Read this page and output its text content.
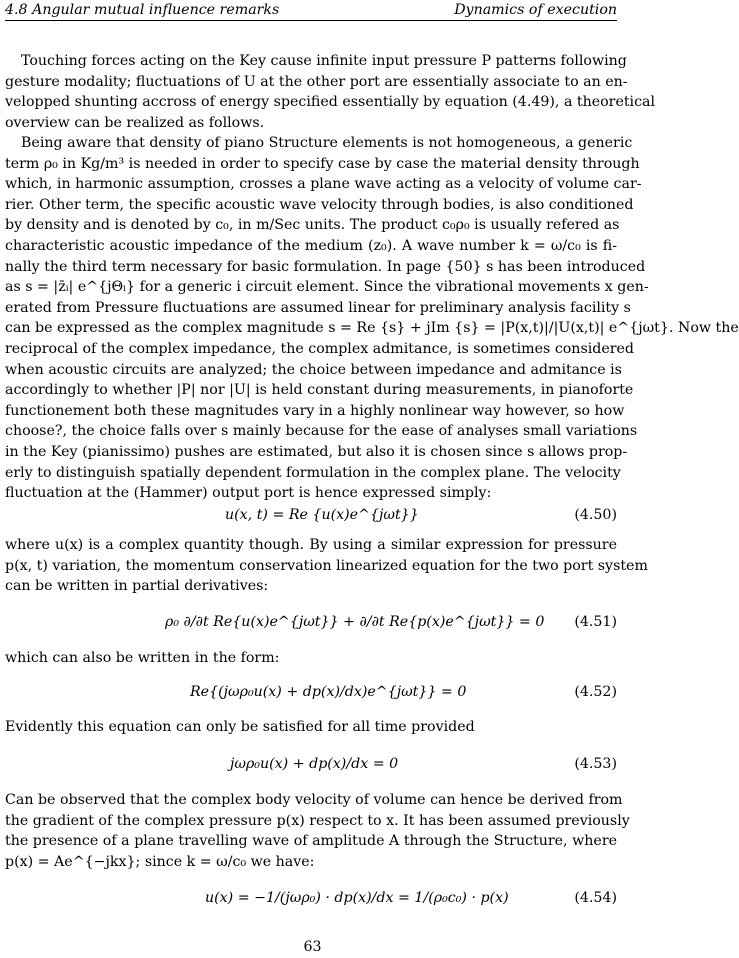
4.8 Angular mutual influence remarks	Dynamics of execution
Touching forces acting on the Key cause infinite input pressure P patterns following
gesture modality; fluctuations of U at the other port are essentially associate to an en-
velopped shunting accross of energy specified essentially by equation (4.49), a theoretical
overview can be realized as follows.
Being aware that density of piano Structure elements is not homogeneous, a generic
term ρ₀ in Kg/m³ is needed in order to specify case by case the material density through
which, in harmonic assumption, crosses a plane wave acting as a velocity of volume car-
rier. Other term, the specific acoustic wave velocity through bodies, is also conditioned
by density and is denoted by c₀, in m/Sec units. The product c₀ρ₀ is usually refered as
characteristic acoustic impedance of the medium (z₀). A wave number k = ω/c₀ is fi-
nally the third term necessary for basic formulation. In page {50} s has been introduced
as s = |z̄ᵢ| e^{jΘᵢ} for a generic i circuit element. Since the vibrational movements x gen-
erated from Pressure fluctuations are assumed linear for preliminary analysis facility s
can be expressed as the complex magnitude s = Re {s} + jIm {s} = |P(x,t)|/|U(x,t)| e^{jωt}. Now the
reciprocal of the complex impedance, the complex admitance, is sometimes considered
when acoustic circuits are analyzed; the choice between impedance and admitance is
accordingly to whether |P| nor |U| is held constant during measurements, in pianoforte
functionement both these magnitudes vary in a highly nonlinear way however, so how
choose?, the choice falls over s mainly because for the ease of analyses small variations
in the Key (pianissimo) pushes are estimated, but also it is chosen since s allows prop-
erly to distinguish spatially dependent formulation in the complex plane. The velocity
fluctuation at the (Hammer) output port is hence expressed simply:
u(x, t) = Re {u(x)e^{jωt}}	(4.50)
where u(x) is a complex quantity though. By using a similar expression for pressure
p(x, t) variation, the momentum conservation linearized equation for the two port system
can be written in partial derivatives:
ρ₀ ∂/∂t Re{u(x)e^{jωt}} + ∂/∂t Re{p(x)e^{jωt}} = 0 (4.51)
which can also be written in the form:
Re{(jωρ₀u(x) + dp(x)/dx)e^{jωt}} = 0	(4.52)
Evidently this equation can only be satisfied for all time provided
jωρ₀u(x) + dp(x)/dx = 0	(4.53)
Can be observed that the complex body velocity of volume can hence be derived from
the gradient of the complex pressure p(x) respect to x. It has been assumed previously
the presence of a plane travelling wave of amplitude A through the Structure, where
p(x) = Ae^{−jkx}; since k = ω/c₀ we have:
u(x) = −1/(jωρ₀) · dp(x)/dx = 1/(ρ₀c₀) · p(x)	(4.54)
63
